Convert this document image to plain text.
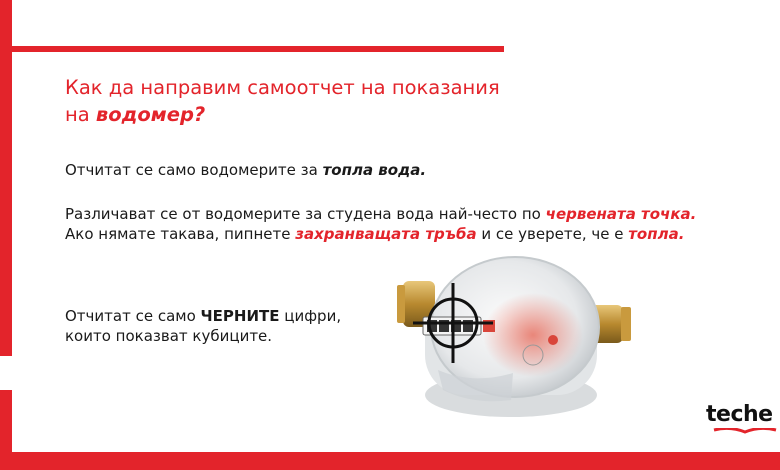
Как да направим самоотчет на показания
на водомер?
Отчитат се само водомерите за топла вода.
Различават се от водомерите за студена вода най-често по червената точка.
Ако нямате такава, пипнете захранващата тръба и се уверете, че е топла.
Отчитат се само ЧЕРНИТЕ цифри,
които показват кубиците.
teche
